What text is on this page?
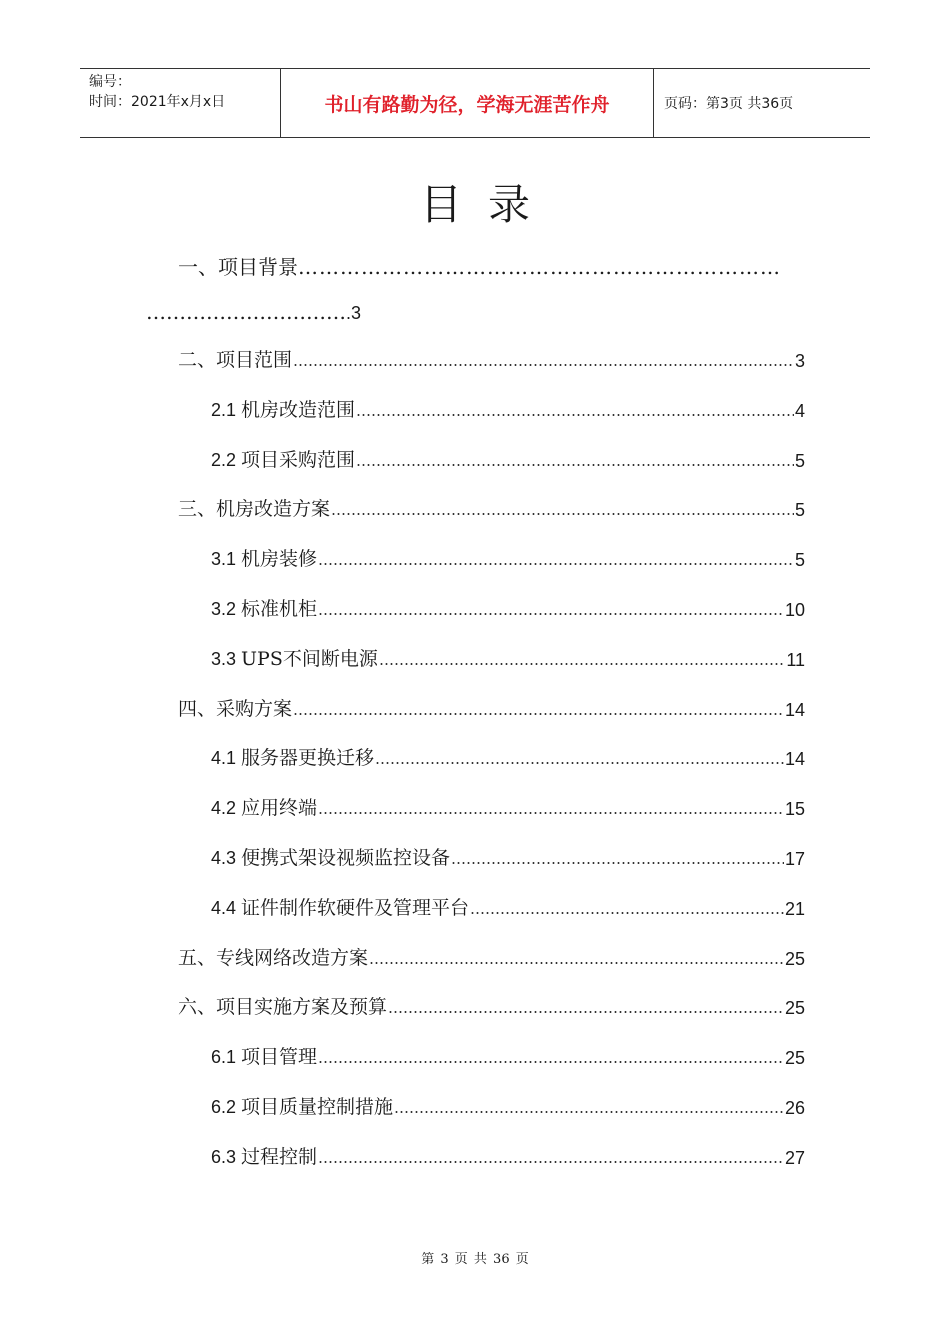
编号：
时间：2021年x月x日	书山有路勤为径，学海无涯苦作舟	页码：第3页 共36页
目录
一、项目背景……………………………………………………………
………………………….3
二、项目范围	3
2.1 机房改造范围	4
2.2 项目采购范围	5
三、机房改造方案	5
3.1 机房装修	5
3.2 标准机柜	10
3.3 UPS不间断电源	11
四、采购方案	14
4.1 服务器更换迁移	14
4.2 应用终端	15
4.3 便携式架设视频监控设备	17
4.4 证件制作软硬件及管理平台	21
五、专线网络改造方案	25
六、项目实施方案及预算	25
6.1 项目管理	25
6.2 项目质量控制措施	26
6.3 过程控制	27
第 3 页 共 36 页
